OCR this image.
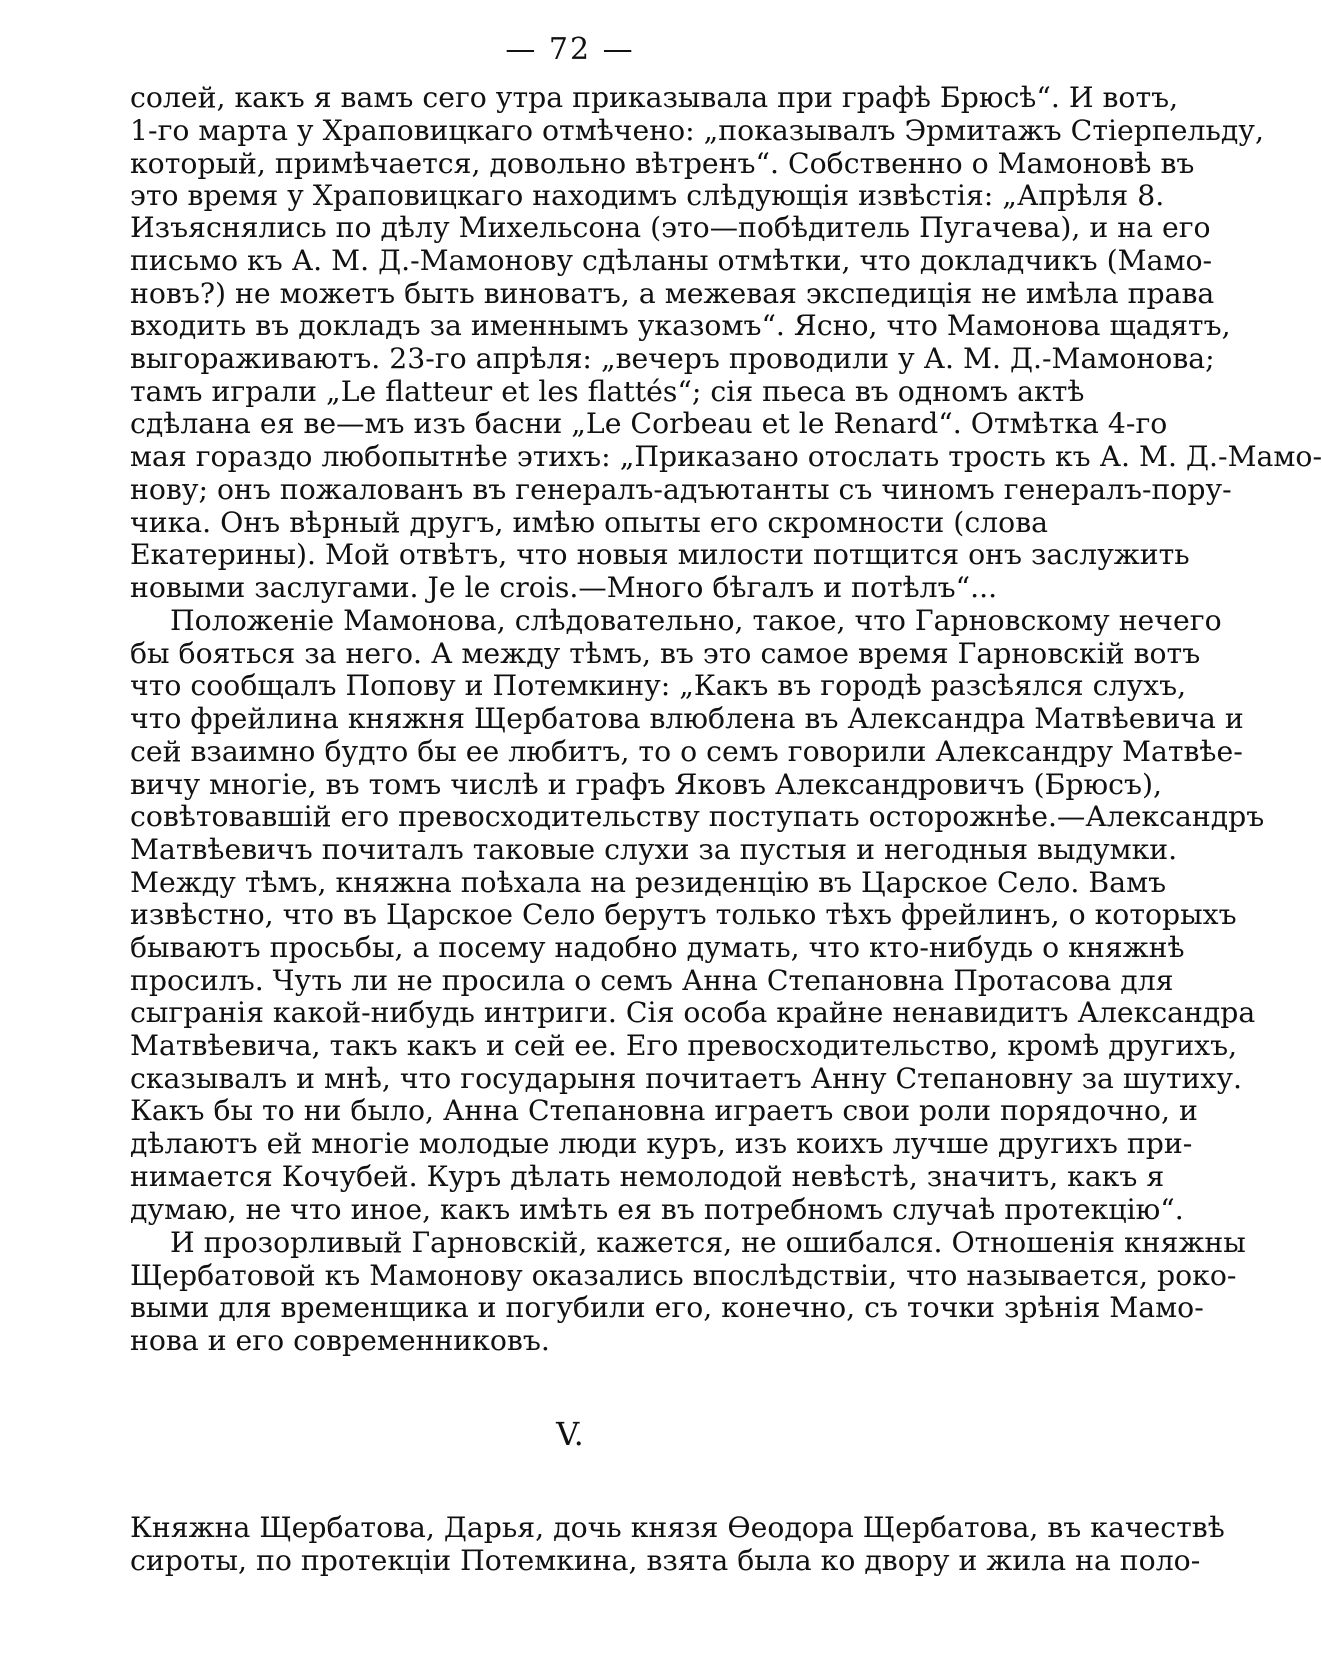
— 72 —
солей, какъ я вамъ сего утра приказывала при графѣ Брюсѣ“. И вотъ,
1-го марта у Храповицкаго отмѣчено: „показывалъ Эрмитажъ Стіерпельду,
который, примѣчается, довольно вѣтренъ“. Собственно о Мамоновѣ въ
это время у Храповицкаго находимъ слѣдующія извѣстія: „Апрѣля 8.
Изъяснялись по дѣлу Михельсона (это—побѣдитель Пугачева), и на его
письмо къ А. М. Д.-Мамонову сдѣланы отмѣтки, что докладчикъ (Мамо-
новъ?) не можетъ быть виноватъ, а межевая экспедиція не имѣла права
входить въ докладъ за именнымъ указомъ“. Ясно, что Мамонова щадятъ,
выгораживаютъ. 23-го апрѣля: „вечеръ проводили у А. М. Д.-Мамонова;
тамъ играли „Le flatteur et les flattés“; сія пьеса въ одномъ актѣ
сдѣлана ея ве—мъ изъ басни „Le Corbeau et le Renard“. Отмѣтка 4-го
мая гораздо любопытнѣе этихъ: „Приказано отослать трость къ А. М. Д.-Мамо-
нову; онъ пожалованъ въ генералъ-адъютанты съ чиномъ генералъ-пору-
чика. Онъ вѣрный другъ, имѣю опыты его скромности (слова
Екатерины). Мой отвѣтъ, что новыя милости потщится онъ заслужить
новыми заслугами. Je le crois.—Много бѣгалъ и потѣлъ“...
Положеніе Мамонова, слѣдовательно, такое, что Гарновскому нечего
бы бояться за него. А между тѣмъ, въ это самое время Гарновскій вотъ
что сообщалъ Попову и Потемкину: „Какъ въ городѣ разсѣялся слухъ,
что фрейлина княжня Щербатова влюблена въ Александра Матвѣевича и
сей взаимно будто бы ее любитъ, то о семъ говорили Александру Матвѣе-
вичу многіе, въ томъ числѣ и графъ Яковъ Александровичъ (Брюсъ),
совѣтовавшій его превосходительству поступать осторожнѣе.—Александръ
Матвѣевичъ почиталъ таковые слухи за пустыя и негодныя выдумки.
Между тѣмъ, княжна поѣхала на резиденцію въ Царское Село. Вамъ
извѣстно, что въ Царское Село берутъ только тѣхъ фрейлинъ, о которыхъ
бываютъ просьбы, а посему надобно думать, что кто-нибудь о княжнѣ
просилъ. Чуть ли не просила о семъ Анна Степановна Протасова для
сыгранія какой-нибудь интриги. Сія особа крайне ненавидитъ Александра
Матвѣевича, такъ какъ и сей ее. Его превосходительство, кромѣ другихъ,
сказывалъ и мнѣ, что государыня почитаетъ Анну Степановну за шутиху.
Какъ бы то ни было, Анна Степановна играетъ свои роли порядочно, и
дѣлаютъ ей многіе молодые люди куръ, изъ коихъ лучше другихъ при-
нимается Кочубей. Куръ дѣлать немолодой невѣстѣ, значитъ, какъ я
думаю, не что иное, какъ имѣть ея въ потребномъ случаѣ протекцію“.
И прозорливый Гарновскій, кажется, не ошибался. Отношенія княжны
Щербатовой къ Мамонову оказались впослѣдствіи, что называется, роко-
выми для временщика и погубили его, конечно, съ точки зрѣнія Мамо-
нова и его современниковъ.
V.
Княжна Щербатова, Дарья, дочь князя Ѳеодора Щербатова, въ качествѣ
сироты, по протекціи Потемкина, взята была ко двору и жила на поло-
